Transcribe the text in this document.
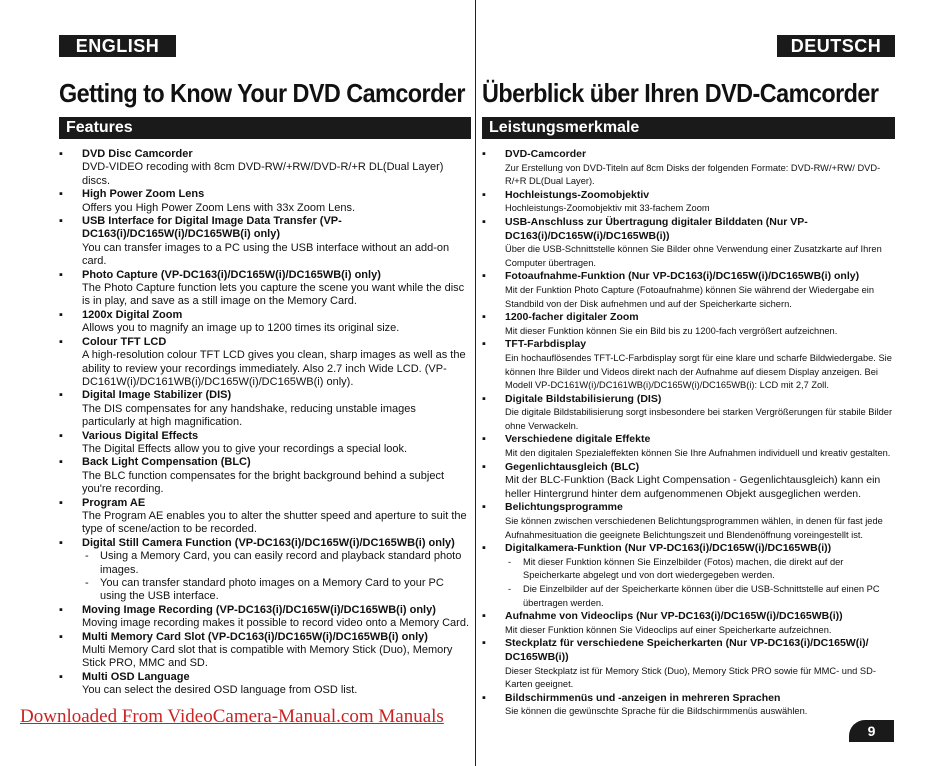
ENGLISH	DEUTSCH
Getting to Know Your DVD Camcorder Überblick über Ihren DVD-Camcorder
Features	Leistungsmerkmale
▪ DVD Disc Camcorder
DVD-VIDEO recoding with 8cm DVD-RW/+RW/DVD-R/+R DL(Dual Layer) discs.
▪ High Power Zoom Lens
Offers you High Power Zoom Lens with 33x Zoom Lens.
▪ USB Interface for Digital Image Data Transfer (VP-DC163(i)/DC165W(i)/DC165WB(i) only)
You can transfer images to a PC using the USB interface without an add-on card.
▪ Photo Capture (VP-DC163(i)/DC165W(i)/DC165WB(i) only)
The Photo Capture function lets you capture the scene you want while the disc is in play, and save as a still image on the Memory Card.
▪ 1200x Digital Zoom
Allows you to magnify an image up to 1200 times its original size.
▪ Colour TFT LCD
A high-resolution colour TFT LCD gives you clean, sharp images as well as the ability to review your recordings immediately. Also 2.7 inch Wide LCD. (VP-DC161W(i)/DC161WB(i)/DC165W(i)/DC165WB(i) only).
▪ Digital Image Stabilizer (DIS)
The DIS compensates for any handshake, reducing unstable images particularly at high magnification.
▪ Various Digital Effects
The Digital Effects allow you to give your recordings a special look.
▪ Back Light Compensation (BLC)
The BLC function compensates for the bright background behind a subject you're recording.
▪ Program AE
The Program AE enables you to alter the shutter speed and aperture to suit the type of scene/action to be recorded.
▪ Digital Still Camera Function (VP-DC163(i)/DC165W(i)/DC165WB(i) only)
- Using a Memory Card, you can easily record and playback standard photo images.
- You can transfer standard photo images on a Memory Card to your PC using the USB interface.
▪ Moving Image Recording (VP-DC163(i)/DC165W(i)/DC165WB(i) only)
Moving image recording makes it possible to record video onto a Memory Card.
▪ Multi Memory Card Slot (VP-DC163(i)/DC165W(i)/DC165WB(i) only)
Multi Memory Card slot that is compatible with Memory Stick (Duo), Memory Stick PRO, MMC and SD.
▪ Multi OSD Language
You can select the desired OSD language from OSD list.
▪ DVD-Camcorder
Zur Erstellung von DVD-Titeln auf 8cm Disks der folgenden Formate: DVD-RW/+RW/ DVD-R/+R DL(Dual Layer).
▪ Hochleistungs-Zoomobjektiv
Hochleistungs-Zoomobjektiv mit 33-fachem Zoom
▪ USB-Anschluss zur Übertragung digitaler Bilddaten (Nur VP-DC163(i)/DC165W(i)/DC165WB(i))
Über die USB-Schnittstelle können Sie Bilder ohne Verwendung einer Zusatzkarte auf Ihren Computer übertragen.
▪ Fotoaufnahme-Funktion (Nur VP-DC163(i)/DC165W(i)/DC165WB(i) only)
Mit der Funktion Photo Capture (Fotoaufnahme) können Sie während der Wiedergabe ein Standbild von der Disk aufnehmen und auf der Speicherkarte sichern.
▪ 1200-facher digitaler Zoom
Mit dieser Funktion können Sie ein Bild bis zu 1200-fach vergrößert aufzeichnen.
▪ TFT-Farbdisplay
Ein hochauflösendes TFT-LC-Farbdisplay sorgt für eine klare und scharfe Bildwiedergabe. Sie können Ihre Bilder und Videos direkt nach der Aufnahme auf diesem Display anzeigen. Bei Modell VP-DC161W(i)/DC161WB(i)/DC165W(i)/DC165WB(i): LCD mit 2,7 Zoll.
▪ Digitale Bildstabilisierung (DIS)
Die digitale Bildstabilisierung sorgt insbesondere bei starken Vergrößerungen für stabile Bilder ohne Verwackeln.
▪ Verschiedene digitale Effekte
Mit den digitalen Spezialeffekten können Sie Ihre Aufnahmen individuell und kreativ gestalten.
▪ Gegenlichtausgleich (BLC)
Mit der BLC-Funktion (Back Light Compensation - Gegenlichtausgleich) kann ein heller Hintergrund hinter dem aufgenommenen Objekt ausgeglichen werden.
▪ Belichtungsprogramme
Sie können zwischen verschiedenen Belichtungsprogrammen wählen, in denen für fast jede Aufnahmesituation die geeignete Belichtungszeit und Blendenöffnung voreingestellt ist.
▪ Digitalkamera-Funktion (Nur VP-DC163(i)/DC165W(i)/DC165WB(i))
- Mit dieser Funktion können Sie Einzelbilder (Fotos) machen, die direkt auf der Speicherkarte abgelegt und von dort wiedergegeben werden.
- Die Einzelbilder auf der Speicherkarte können über die USB-Schnittstelle auf einen PC übertragen werden.
▪ Aufnahme von Videoclips (Nur VP-DC163(i)/DC165W(i)/DC165WB(i))
Mit dieser Funktion können Sie Videoclips auf einer Speicherkarte aufzeichnen.
▪ Steckplatz für verschiedene Speicherkarten (Nur VP-DC163(i)/DC165W(i)/ DC165WB(i))
Dieser Steckplatz ist für Memory Stick (Duo), Memory Stick PRO sowie für MMC- und SD-Karten geeignet.
▪ Bildschirmmenüs und -anzeigen in mehreren Sprachen
Sie können die gewünschte Sprache für die Bildschirmmenüs auswählen.
Downloaded From VideoCamera-Manual.com Manuals
9
